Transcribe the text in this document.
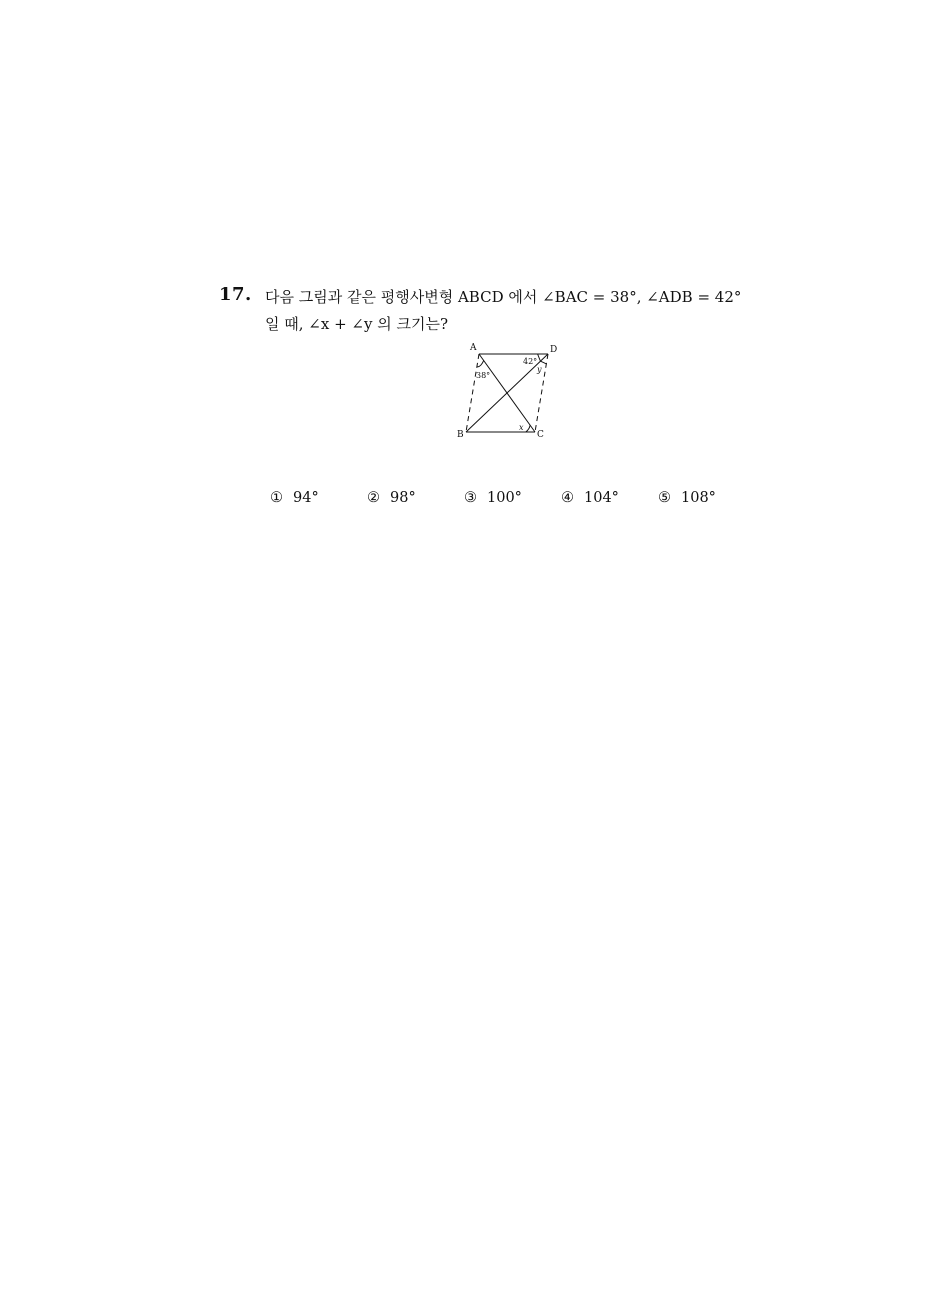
17. 다음 그림과 같은 평행사변형 ABCD 에서 ∠BAC = 38°, ∠ADB = 42°
일 때, ∠x + ∠y 의 크기는?
A	D
B	C
38°
42°
x
y
① 94°	② 98°	③ 100°	④ 104°	⑤ 108°
